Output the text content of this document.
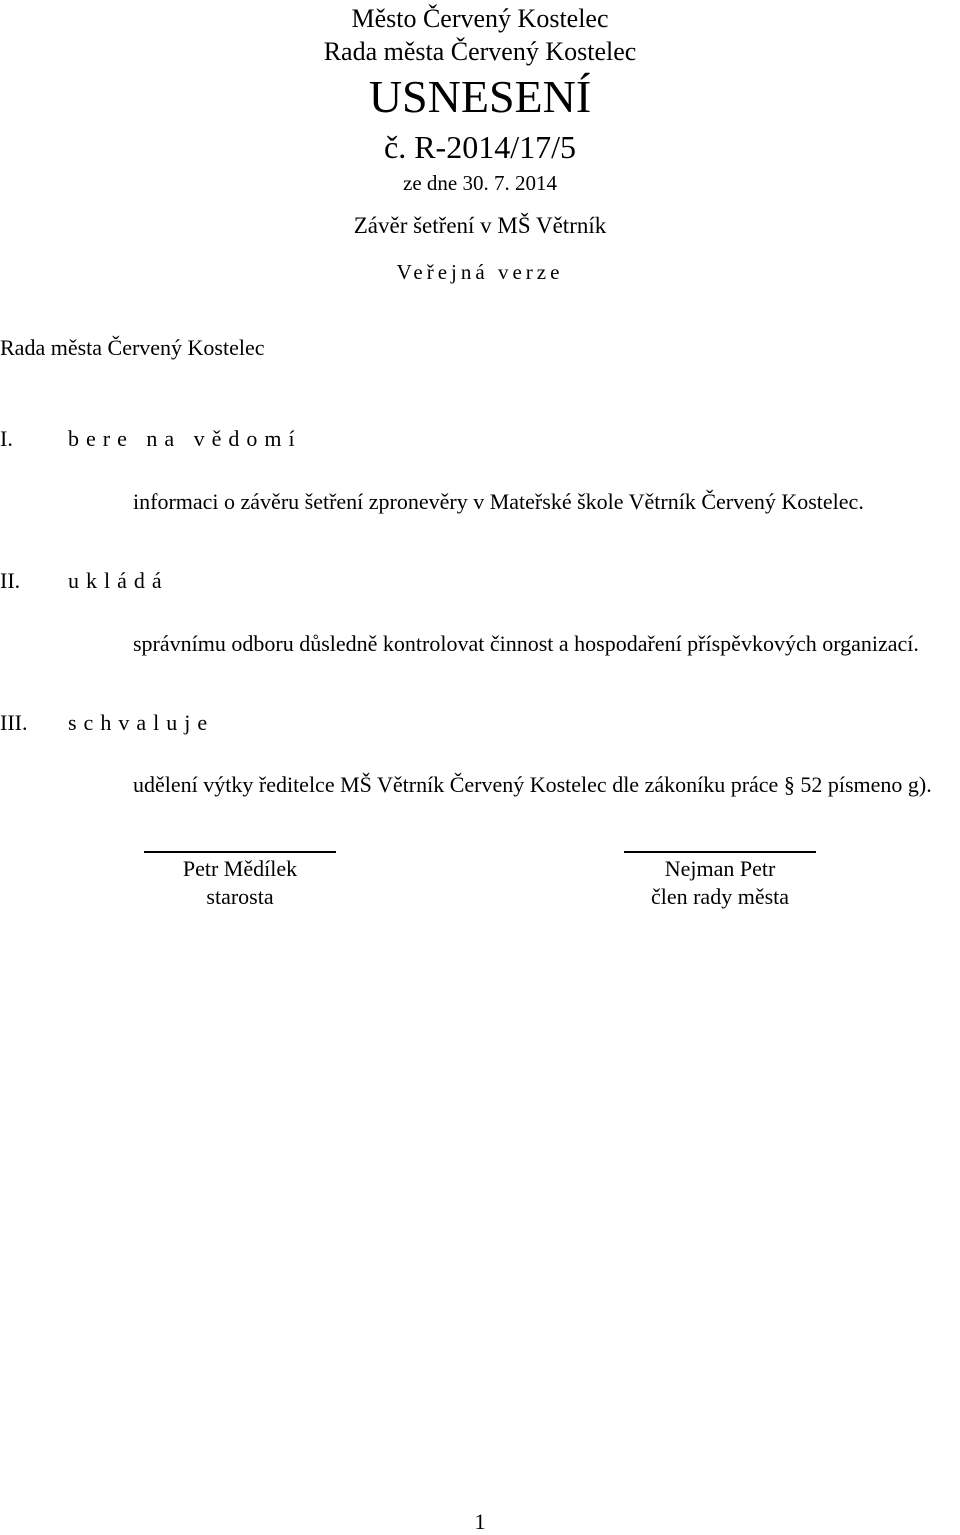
Město Červený Kostelec
Rada města Červený Kostelec
USNESENÍ
č. R-2014/17/5
ze dne 30. 7. 2014
Závěr šetření v MŠ Větrník
Veřejná verze
Rada města Červený Kostelec
I.	bere na vědomí
informaci o závěru šetření zpronevěry v Mateřské škole Větrník Červený Kostelec.
II. ukládá
správnímu odboru důsledně kontrolovat činnost a hospodaření příspěvkových organizací.
III. schvaluje
udělení výtky ředitelce MŠ Větrník Červený Kostelec dle zákoníku práce § 52 písmeno g).
Petr Mědílek
starosta
Nejman Petr
člen rady města
1
